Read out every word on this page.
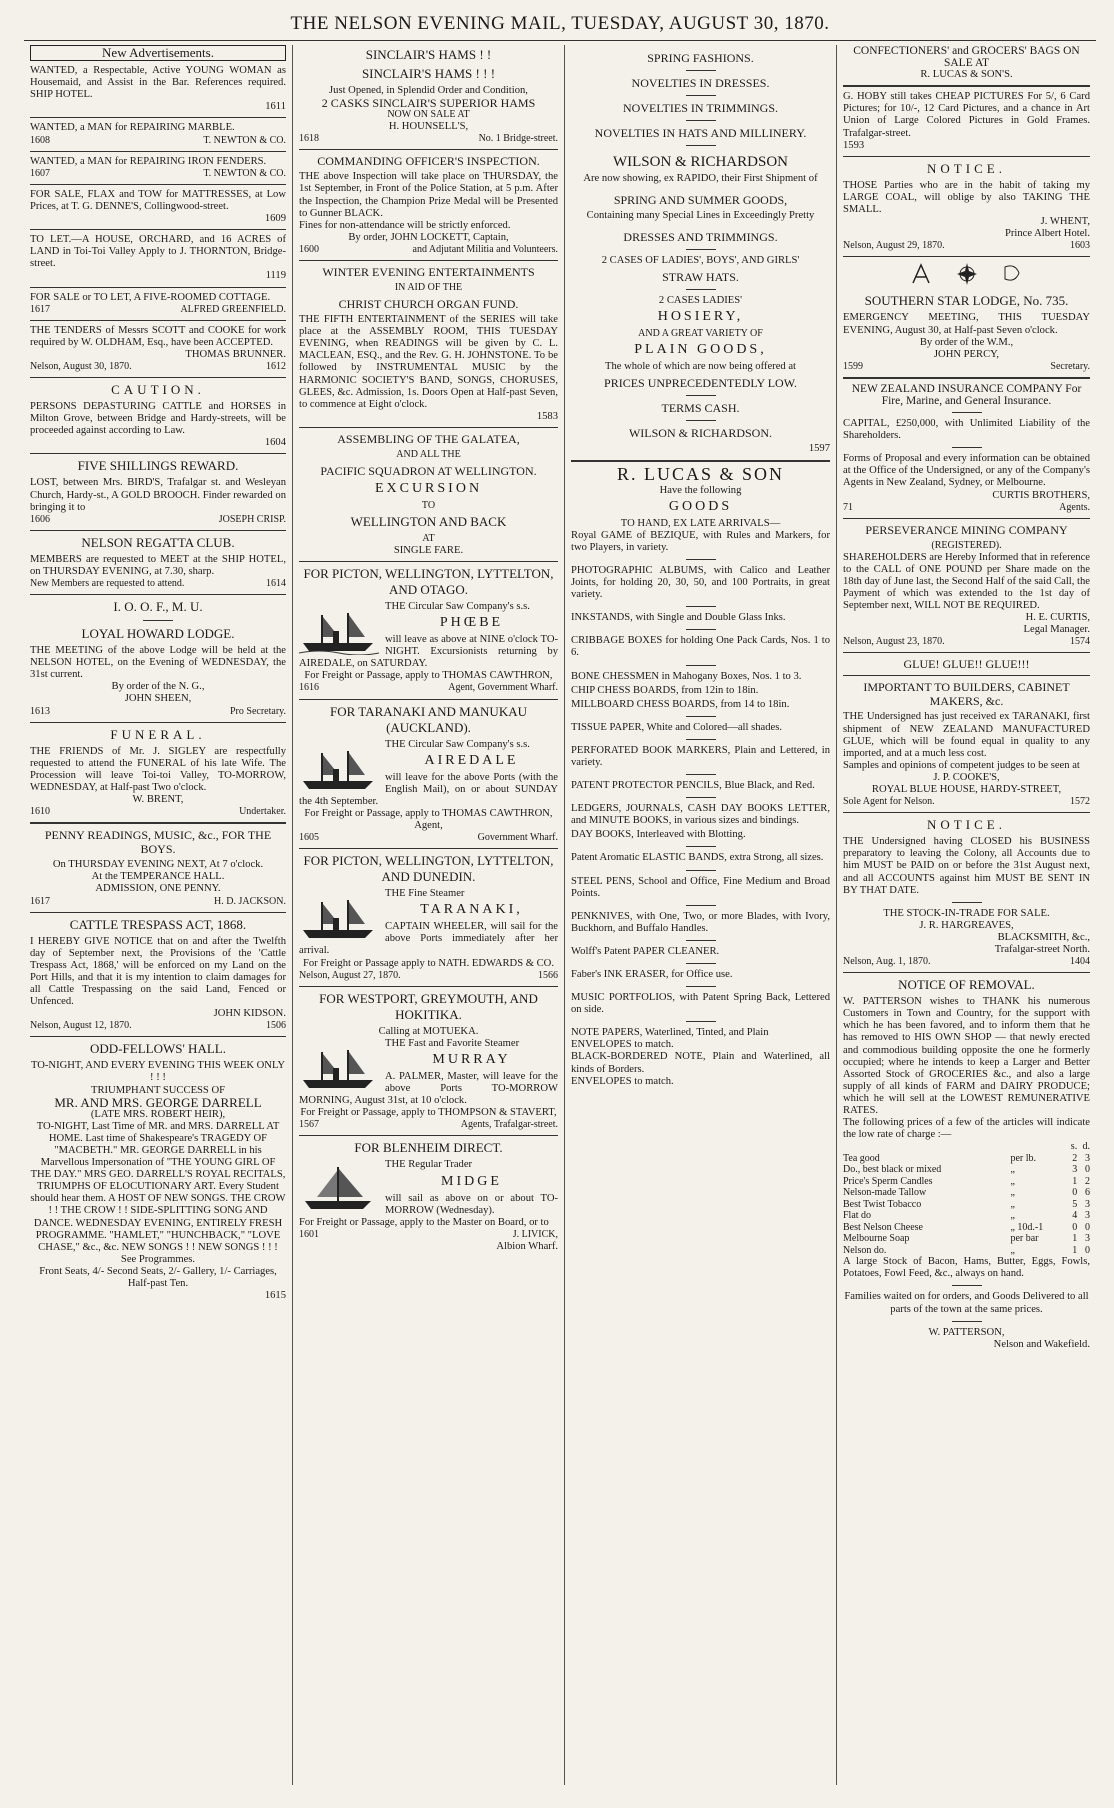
THE NELSON EVENING MAIL, TUESDAY, AUGUST 30, 1870.
New Advertisements.
WANTED, a Respectable, Active YOUNG WOMAN as Housemaid, and Assist in the Bar. References required. SHIP HOTEL.
1611
WANTED, a MAN for REPAIRING MARBLE.
1608	T. NEWTON & CO.
WANTED, a MAN for REPAIRING IRON FENDERS.
1607	T. NEWTON & CO.
FOR SALE, FLAX and TOW for MATTRESSES, at Low Prices, at T. G. DENNE'S, Collingwood-street.
1609
TO LET.—A HOUSE, ORCHARD, and 16 ACRES of LAND in Toi-Toi Valley Apply to J. THORNTON, Bridge-street.
1119
FOR SALE or TO LET, A FIVE-ROOMED COTTAGE.
1617	ALFRED GREENFIELD.
THE TENDERS of Messrs SCOTT and COOKE for work required by W. OLDHAM, Esq., have been ACCEPTED.
THOMAS BRUNNER.
Nelson, August 30, 1870.	1612
CAUTION.
PERSONS DEPASTURING CATTLE and HORSES in Milton Grove, between Bridge and Hardy-streets, will be proceeded against according to Law.
1604
FIVE SHILLINGS REWARD.
LOST, between Mrs. BIRD'S, Trafalgar st. and Wesleyan Church, Hardy-st., A GOLD BROOCH. Finder rewarded on bringing it to
1606	JOSEPH CRISP.
NELSON REGATTA CLUB.
MEMBERS are requested to MEET at the SHIP HOTEL, on THURSDAY EVENING, at 7.30, sharp.
New Members are requested to attend.	1614
I. O. O. F., M. U.
LOYAL HOWARD LODGE.
THE MEETING of the above Lodge will be held at the NELSON HOTEL, on the Evening of WEDNESDAY, the 31st current.
By order of the N. G.,
JOHN SHEEN,
1613	Pro Secretary.
FUNERAL.
THE FRIENDS of Mr. J. SIGLEY are respectfully requested to attend the FUNERAL of his late Wife. The Procession will leave Toi-toi Valley, TO-MORROW, WEDNESDAY, at Half-past Two o'clock.
W. BRENT,
1610	Undertaker.
PENNY READINGS, MUSIC, &c., FOR THE BOYS.
On THURSDAY EVENING NEXT, At 7 o'clock.
At the TEMPERANCE HALL.
ADMISSION, ONE PENNY.
1617	H. D. JACKSON.
CATTLE TRESPASS ACT, 1868.
I HEREBY GIVE NOTICE that on and after the Twelfth day of September next, the Provisions of the 'Cattle Trespass Act, 1868,' will be enforced on my Land on the Port Hills, and that it is my intention to claim damages for all Cattle Trespassing on the said Land, Fenced or Unfenced.
JOHN KIDSON.
Nelson, August 12, 1870.	1506
ODD-FELLOWS' HALL.
TO-NIGHT, AND EVERY EVENING THIS WEEK ONLY ! ! !
TRIUMPHANT SUCCESS OF
MR. AND MRS. GEORGE DARRELL
(LATE MRS. ROBERT HEIR),
TO-NIGHT, Last Time of MR. and MRS. DARRELL AT HOME. Last time of Shakespeare's TRAGEDY OF "MACBETH." MR. GEORGE DARRELL in his Marvellous Impersonation of "THE YOUNG GIRL OF THE DAY." MRS GEO. DARRELL'S ROYAL RECITALS, TRIUMPHS OF ELOCUTIONARY ART. Every Student should hear them. A HOST OF NEW SONGS. THE CROW ! ! THE CROW ! ! SIDE-SPLITTING SONG AND DANCE. WEDNESDAY EVENING, ENTIRELY FRESH PROGRAMME. "HAMLET," "HUNCHBACK," "LOVE CHASE," &c., &c. NEW SONGS ! ! NEW SONGS ! ! ! See Programmes.
Front Seats, 4/- Second Seats, 2/- Gallery, 1/- Carriages, Half-past Ten.
1615
SINCLAIR'S HAMS ! !
SINCLAIR'S HAMS ! ! !
Just Opened, in Splendid Order and Condition,
2 CASKS SINCLAIR'S SUPERIOR HAMS
NOW ON SALE AT
H. HOUNSELL'S,
1618	No. 1 Bridge-street.
COMMANDING OFFICER'S INSPECTION.
THE above Inspection will take place on THURSDAY, the 1st September, in Front of the Police Station, at 5 p.m. After the Inspection, the Champion Prize Medal will be Presented to Gunner BLACK.
Fines for non-attendance will be strictly enforced.
By order, JOHN LOCKETT, Captain,
1600	and Adjutant Militia and Volunteers.
WINTER EVENING ENTERTAINMENTS
IN AID OF THE
CHRIST CHURCH ORGAN FUND.
THE FIFTH ENTERTAINMENT of the SERIES will take place at the ASSEMBLY ROOM, THIS TUESDAY EVENING, when READINGS will be given by C. L. MACLEAN, ESQ., and the Rev. G. H. JOHNSTONE. To be followed by INSTRUMENTAL MUSIC by the HARMONIC SOCIETY'S BAND, SONGS, CHORUSES, GLEES, &c. Admission, 1s. Doors Open at Half-past Seven, to commence at Eight o'clock.
1583
ASSEMBLING OF THE GALATEA,
AND ALL THE
PACIFIC SQUADRON AT WELLINGTON.
EXCURSION
TO
WELLINGTON AND BACK
AT
SINGLE FARE.
FOR PICTON, WELLINGTON, LYTTELTON, AND OTAGO.
THE Circular Saw Company's s.s.
PHŒBE
will leave as above at NINE o'clock TO-NIGHT. Excursionists returning by AIREDALE, on SATURDAY.
For Freight or Passage, apply to THOMAS CAWTHRON,
1616	Agent, Government Wharf.
FOR TARANAKI AND MANUKAU (AUCKLAND).
THE Circular Saw Company's s.s.
AIREDALE
will leave for the above Ports (with the English Mail), on or about SUNDAY the 4th September.
For Freight or Passage, apply to THOMAS CAWTHRON, Agent,
1605	Government Wharf.
FOR PICTON, WELLINGTON, LYTTELTON, AND DUNEDIN.
THE Fine Steamer
TARANAKI,
CAPTAIN WHEELER, will sail for the above Ports immediately after her arrival.
For Freight or Passage apply to NATH. EDWARDS & CO.
Nelson, August 27, 1870.	1566
FOR WESTPORT, GREYMOUTH, AND HOKITIKA.
Calling at MOTUEKA.
THE Fast and Favorite Steamer
MURRAY
A. PALMER, Master, will leave for the above Ports TO-MORROW MORNING, August 31st, at 10 o'clock.
For Freight or Passage, apply to THOMPSON & STAVERT,
1567	Agents, Trafalgar-street.
FOR BLENHEIM DIRECT.
THE Regular Trader
MIDGE
will sail as above on or about TO-MORROW (Wednesday).
For Freight or Passage, apply to the Master on Board, or to
1601	J. LIVICK,
Albion Wharf.
SPRING FASHIONS.
NOVELTIES IN DRESSES.
NOVELTIES IN TRIMMINGS.
NOVELTIES IN HATS AND MILLINERY.
WILSON & RICHARDSON
Are now showing, ex RAPIDO, their First Shipment of
SPRING AND SUMMER GOODS,
Containing many Special Lines in Exceedingly Pretty
DRESSES AND TRIMMINGS.
2 CASES OF LADIES', BOYS', AND GIRLS'
STRAW HATS.
2 CASES LADIES'
HOSIERY,
AND A GREAT VARIETY OF
PLAIN GOODS,
The whole of which are now being offered at
PRICES UNPRECEDENTEDLY LOW.
TERMS CASH.
WILSON & RICHARDSON.
1597
R. LUCAS & SON
Have the following
GOODS
TO HAND, EX LATE ARRIVALS—
Royal GAME of BEZIQUE, with Rules and Markers, for two Players, in variety.
PHOTOGRAPHIC ALBUMS, with Calico and Leather Joints, for holding 20, 30, 50, and 100 Portraits, in great variety.
INKSTANDS, with Single and Double Glass Inks.
CRIBBAGE BOXES for holding One Pack Cards, Nos. 1 to 6.
BONE CHESSMEN in Mahogany Boxes, Nos. 1 to 3.
CHIP CHESS BOARDS, from 12in to 18in.
MILLBOARD CHESS BOARDS, from 14 to 18in.
TISSUE PAPER, White and Colored—all shades.
PERFORATED BOOK MARKERS, Plain and Lettered, in variety.
PATENT PROTECTOR PENCILS, Blue Black, and Red.
LEDGERS, JOURNALS, CASH DAY BOOKS LETTER, and MINUTE BOOKS, in various sizes and bindings.
DAY BOOKS, Interleaved with Blotting.
Patent Aromatic ELASTIC BANDS, extra Strong, all sizes.
STEEL PENS, School and Office, Fine Medium and Broad Points.
PENKNIVES, with One, Two, or more Blades, with Ivory, Buckhorn, and Buffalo Handles.
Wolff's Patent PAPER CLEANER.
Faber's INK ERASER, for Office use.
MUSIC PORTFOLIOS, with Patent Spring Back, Lettered on side.
NOTE PAPERS, Waterlined, Tinted, and Plain
ENVELOPES to match.
BLACK-BORDERED NOTE, Plain and Waterlined, all kinds of Borders.
ENVELOPES to match.
CONFECTIONERS' and GROCERS' BAGS ON SALE AT
R. LUCAS & SON'S.
G. HOBY still takes CHEAP PICTURES For 5/, 6 Card Pictures; for 10/-, 12 Card Pictures, and a chance in Art Union of Large Colored Pictures in Gold Frames. Trafalgar-street.
1593
NOTICE.
THOSE Parties who are in the habit of taking my LARGE COAL, will oblige by also TAKING THE SMALL.
J. WHENT,
Prince Albert Hotel.
Nelson, August 29, 1870.	1603
SOUTHERN STAR LODGE, No. 735.
EMERGENCY MEETING, THIS TUESDAY EVENING, August 30, at Half-past Seven o'clock.
By order of the W.M.,
JOHN PERCY,
1599	Secretary.
NEW ZEALAND INSURANCE COMPANY For Fire, Marine, and General Insurance.
CAPITAL, £250,000, with Unlimited Liability of the Shareholders.
Forms of Proposal and every information can be obtained at the Office of the Undersigned, or any of the Company's Agents in New Zealand, Sydney, or Melbourne.
CURTIS BROTHERS,
71	Agents.
PERSEVERANCE MINING COMPANY
(REGISTERED).
SHAREHOLDERS are Hereby Informed that in reference to the CALL of ONE POUND per Share made on the 18th day of June last, the Second Half of the said Call, the Payment of which was extended to the 1st day of September next, WILL NOT BE REQUIRED.
H. E. CURTIS,
Legal Manager.
Nelson, August 23, 1870.	1574
GLUE! GLUE!! GLUE!!!
IMPORTANT TO BUILDERS, CABINET MAKERS, &c.
THE Undersigned has just received ex TARANAKI, first shipment of NEW ZEALAND MANUFACTURED GLUE, which will be found equal in quality to any imported, and at a much less cost.
Samples and opinions of competent judges to be seen at
J. P. COOKE'S,
ROYAL BLUE HOUSE, HARDY-STREET,
Sole Agent for Nelson.	1572
NOTICE.
THE Undersigned having CLOSED his BUSINESS preparatory to leaving the Colony, all Accounts due to him MUST be PAID on or before the 31st August next, and all ACCOUNTS against him MUST BE SENT IN BY THAT DATE.
THE STOCK-IN-TRADE FOR SALE.
J. R. HARGREAVES,
BLACKSMITH, &c.,
Trafalgar-street North.
Nelson, Aug. 1, 1870.	1404
NOTICE OF REMOVAL.
W. PATTERSON wishes to THANK his numerous Customers in Town and Country, for the support with which he has been favored, and to inform them that he has removed to HIS OWN SHOP — that newly erected and commodious building opposite the one he formerly occupied; where he intends to keep a Larger and Better Assorted Stock of GROCERIES &c., and also a large supply of all kinds of FARM and DAIRY PRODUCE; which he will sell at the LOWEST REMUNERATIVE RATES.
The following prices of a few of the articles will indicate the low rate of charge :—
		s.	d.
Tea good	per lb.	2	3
Do., best black or mixed	„	3	0
Price's Sperm Candles	„	1	2
Nelson-made Tallow	„	0	6
Best Twist Tobacco	„	5	3
Flat do	„	4	3
Best Nelson Cheese	„ 10d.-1	0	0
Melbourne Soap	per bar	1	3
Nelson do.	„	1	0
A large Stock of Bacon, Hams, Butter, Eggs, Fowls, Potatoes, Fowl Feed, &c., always on hand.
Families waited on for orders, and Goods Delivered to all parts of the town at the same prices.
W. PATTERSON,
Nelson and Wakefield.
